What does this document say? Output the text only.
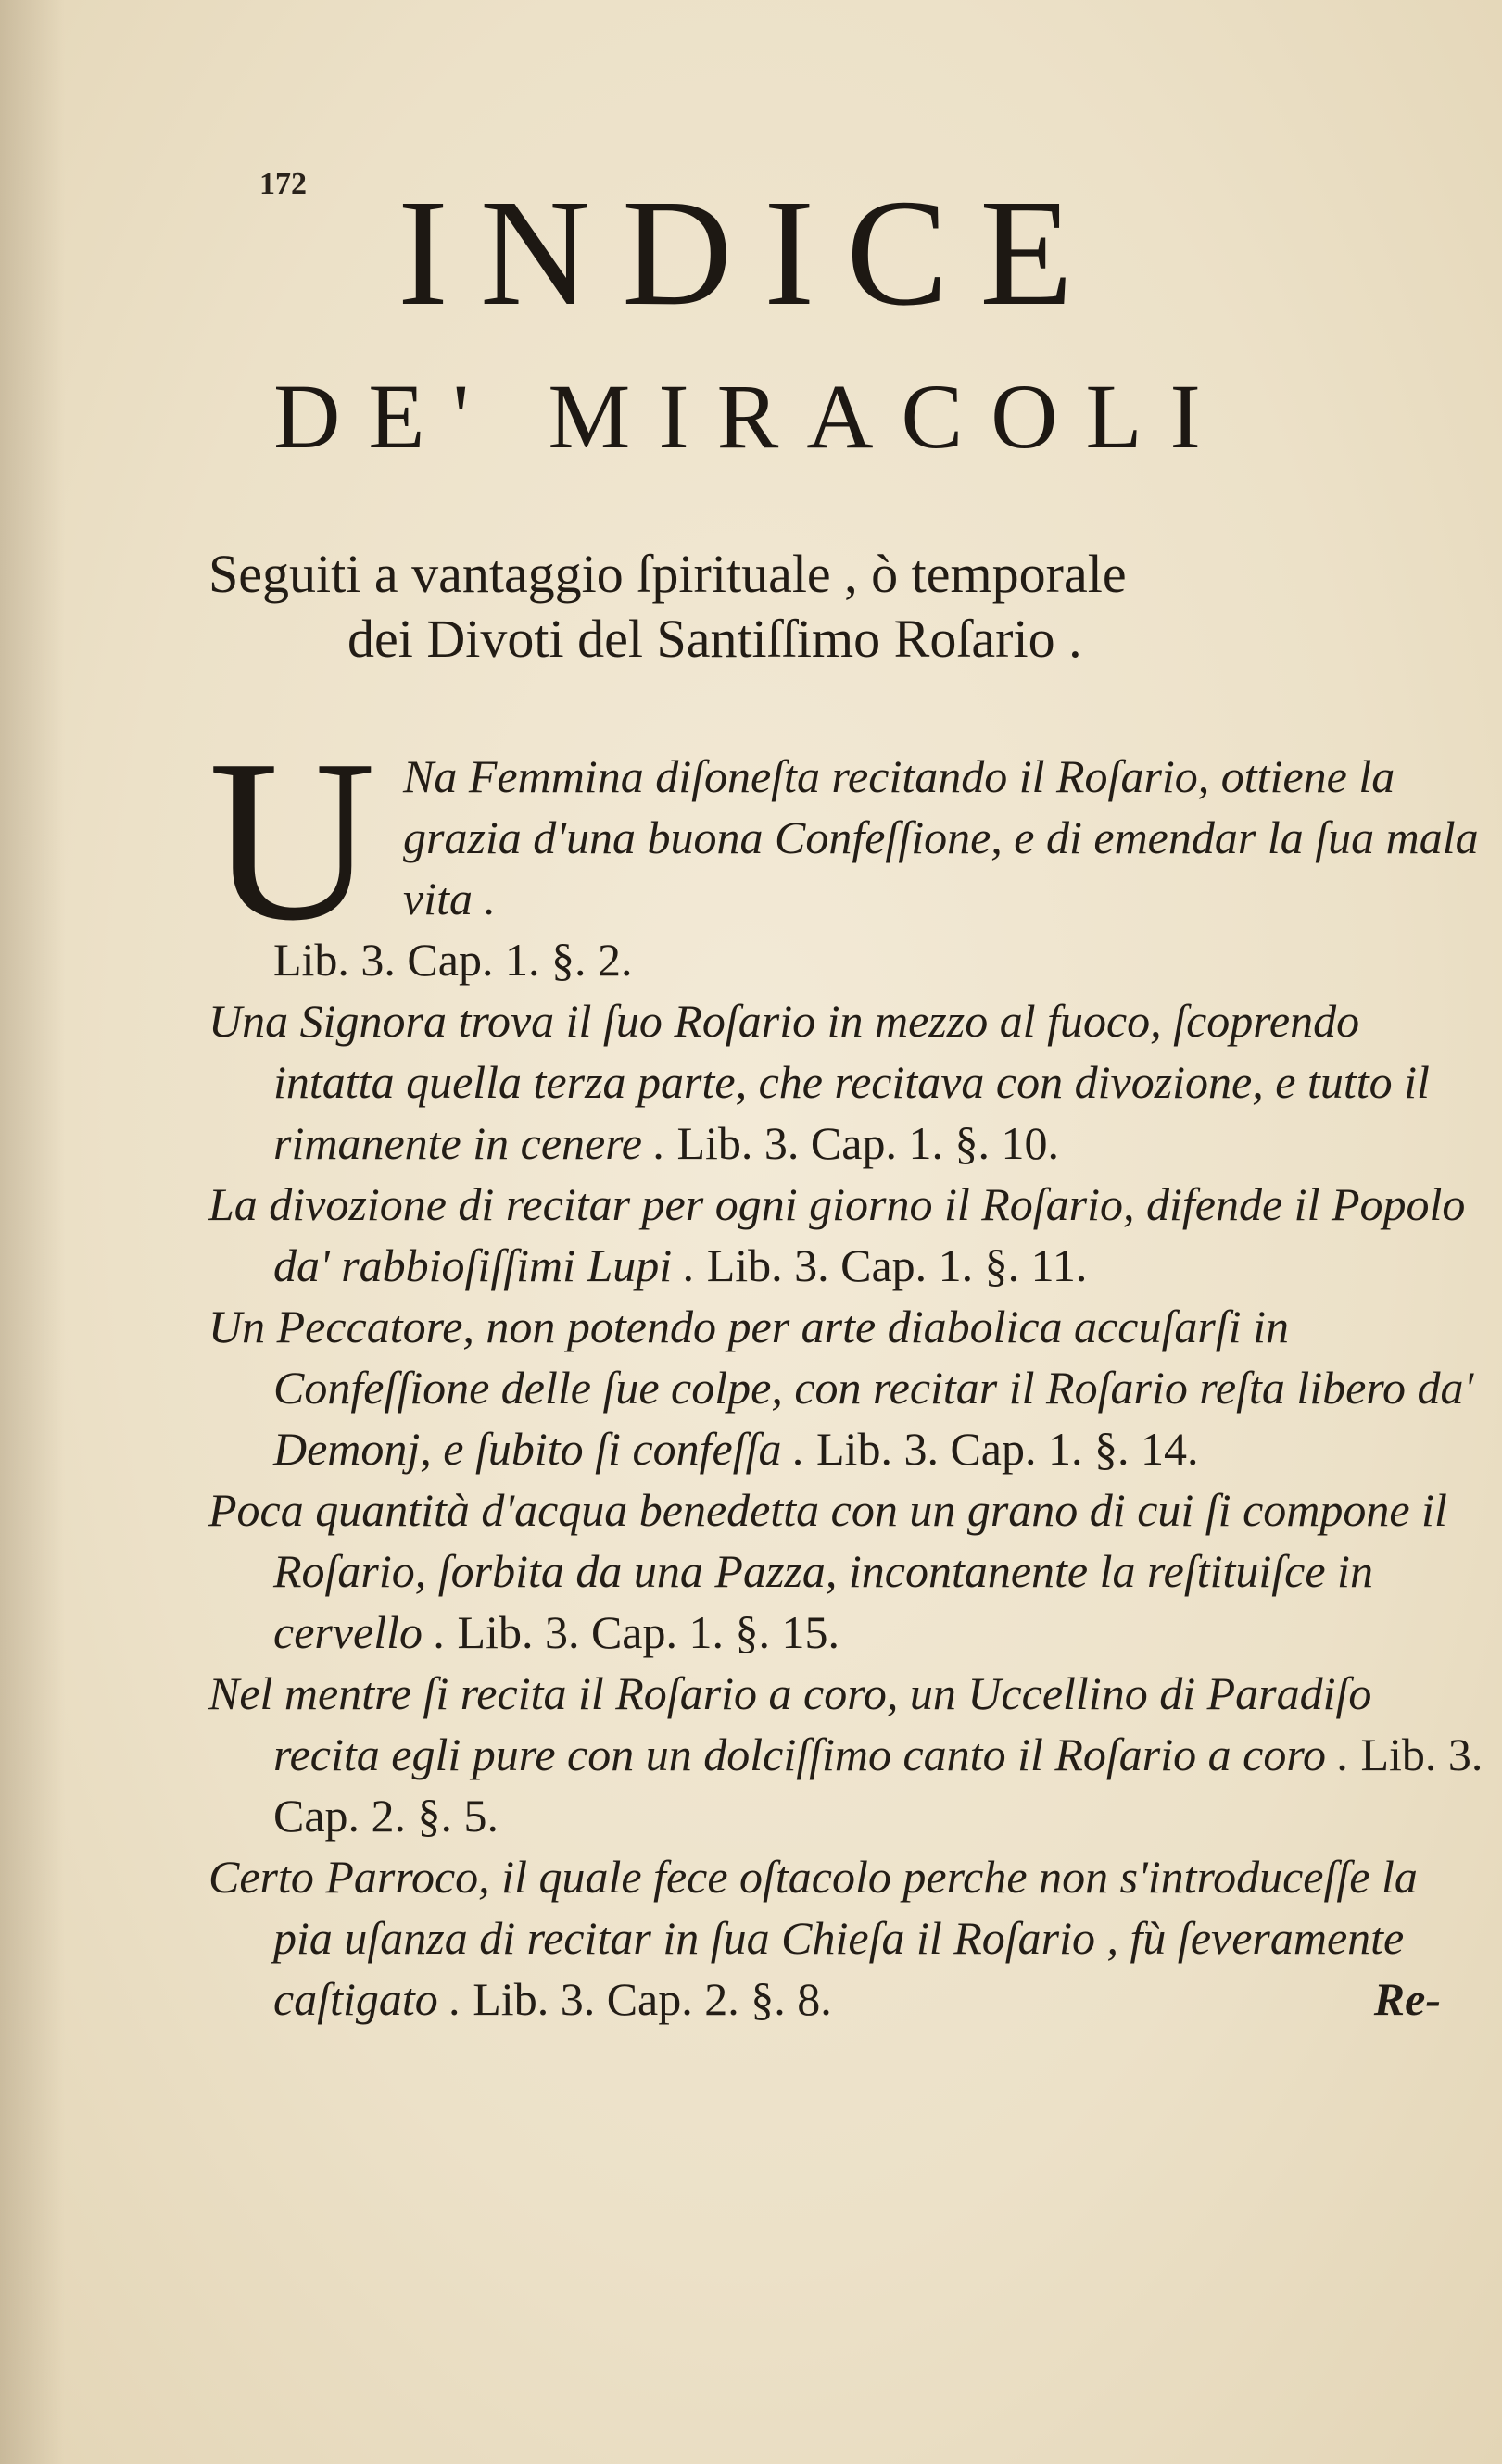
172 INDICE
DE' MIRACOLI
Seguiti a vantaggio ſpirituale , ò temporale
dei Divoti del Santiſſimo Roſario .

U Na Femmina diſoneſta recitando il Roſario, ottiene la grazia d'una buona Confeſſione, e di emendar la ſua mala vita .
Lib. 3. Cap. 1. §. 2.

Una Signora trova il ſuo Roſario in mezzo al fuoco, ſcoprendo intatta quella terza parte, che recitava con divozione, e tutto il rimanente in cenere . Lib. 3. Cap. 1. §. 10.

La divozione di recitar per ogni giorno il Roſario, difende il Popolo da' rabbioſiſſimi Lupi . Lib. 3. Cap. 1. §. 11.

Un Peccatore, non potendo per arte diabolica accuſarſi in Confeſſione delle ſue colpe, con recitar il Roſario reſta libero da' Demonj, e ſubito ſi confeſſa . Lib. 3. Cap. 1. §. 14.

Poca quantità d'acqua benedetta con un grano di cui ſi compone il Roſario, ſorbita da una Pazza, incontanente la reſtituiſce in cervello . Lib. 3. Cap. 1. §. 15.

Nel mentre ſi recita il Roſario a coro, un Uccellino di Paradiſo recita egli pure con un dolciſſimo canto il Roſario a coro . Lib. 3. Cap. 2. §. 5.

Certo Parroco, il quale fece oſtacolo perche non s'introduceſſe la pia uſanza di recitar in ſua Chieſa il Roſario , fù ſeveramente caſtigato . Lib. 3. Cap. 2. §. 8.	Re-
